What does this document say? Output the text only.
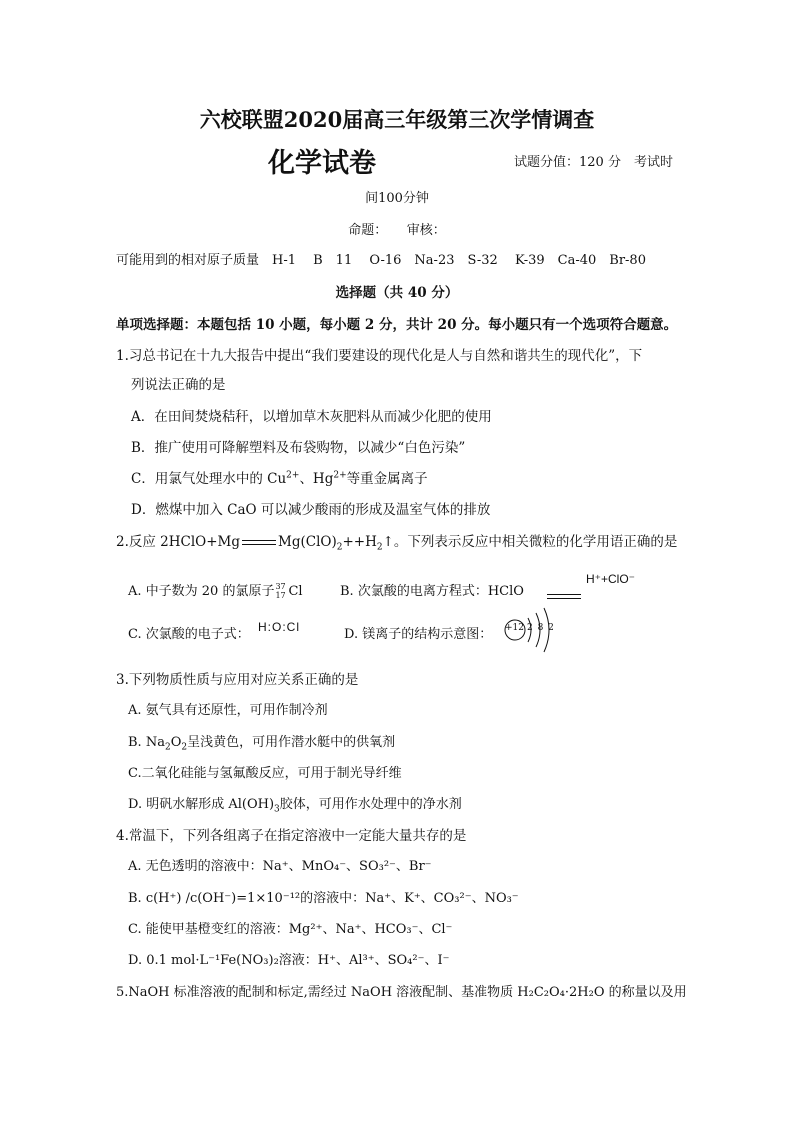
六校联盟2020届高三年级第三次学情调查
化学试卷	试题分值：120 分　考试时
间100分钟
命题：　　审核：
可能用到的相对原子质量　H-1　 B　11　 O-16　Na-23　S-32　 K-39　Ca-40　Br-80
选择题（共 40 分）
单项选择题：本题包括 10 小题，每小题 2 分，共计 20 分。每小题只有一个选项符合题意。
1.习总书记在十九大报告中提出“我们要建设的现代化是人与自然和谐共生的现代化”，下
列说法正确的是
A．在田间焚烧秸秆，以增加草木灰肥料从而减少化肥的使用
B．推广使用可降解塑料及布袋购物，以减少“白色污染”
C．用氯气处理水中的 $Cu^{2+}$、$Hg^{2+}$等重金属离子
D．燃煤中加入 CaO 可以减少酸雨的形成及温室气体的排放
2.反应 2HClO+Mg	$Mg(ClO)_2++H_2↑$。下列表示反应中相关微粒的化学用语正确的是
A. 中子数为 20 的氯原子 37
17 Cl	B. 次氯酸的电离方程式：HClO
H⁺+ClO⁻
C. 次氯酸的电子式： H:O:Cl	D. 镁离子的结构示意图： +12 2 8 2
3.下列物质性质与应用对应关系正确的是
A. 氨气具有还原性，可用作制冷剂
B. $Na_2O_2$呈浅黄色，可用作潜水艇中的供氧剂
C.二氧化硅能与氢氟酸反应，可用于制光导纤维
D. 明矾水解形成 $Al(OH)_3$胶体，可用作水处理中的净水剂
4.常温下，下列各组离子在指定溶液中一定能大量共存的是
A. 无色透明的溶液中：Na⁺、MnO₄⁻、SO₃²⁻、Br⁻
B. c(H⁺) /c(OH⁻)=1×10⁻¹²的溶液中：Na⁺、K⁺、CO₃²⁻、NO₃⁻
C. 能使甲基橙变红的溶液：Mg²⁺、Na⁺、HCO₃⁻、Cl⁻
D. 0.1 mol·L⁻¹Fe(NO₃)₂溶液：H⁺、Al³⁺、SO₄²⁻、I⁻
5.NaOH 标准溶液的配制和标定,需经过 NaOH 溶液配制、基准物质 H₂C₂O₄·2H₂O 的称量以及用
